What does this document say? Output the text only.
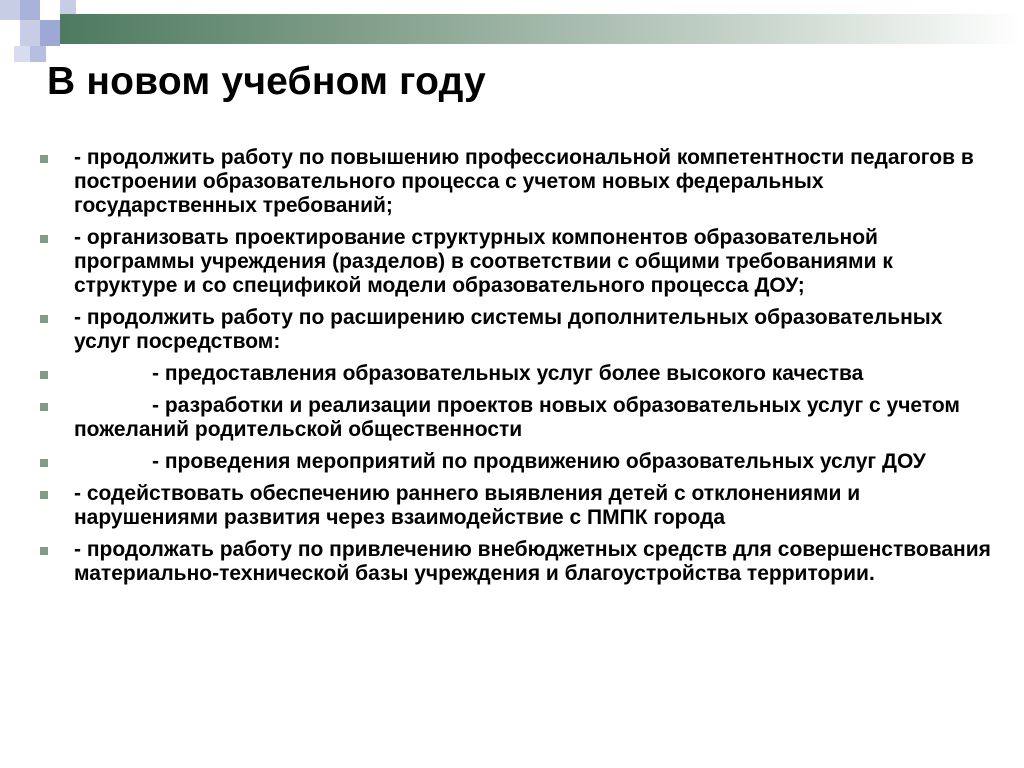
В новом учебном году
- продолжить работу по повышению профессиональной компетентности педагогов в построении образовательного процесса с учетом новых федеральных государственных требований;
- организовать проектирование структурных компонентов образовательной программы учреждения (разделов) в соответствии с общими требованиями к структуре и со спецификой модели образовательного процесса ДОУ;
- продолжить работу по расширению системы дополнительных образовательных услуг посредством:
- предоставления образовательных услуг более высокого качества
- разработки и реализации проектов новых образовательных услуг с учетом пожеланий родительской общественности
- проведения мероприятий по продвижению образовательных услуг ДОУ
- содействовать обеспечению раннего выявления детей с отклонениями и нарушениями развития через взаимодействие с ПМПК города
- продолжать работу по привлечению внебюджетных средств для совершенствования материально-технической базы учреждения и благоустройства территории.
